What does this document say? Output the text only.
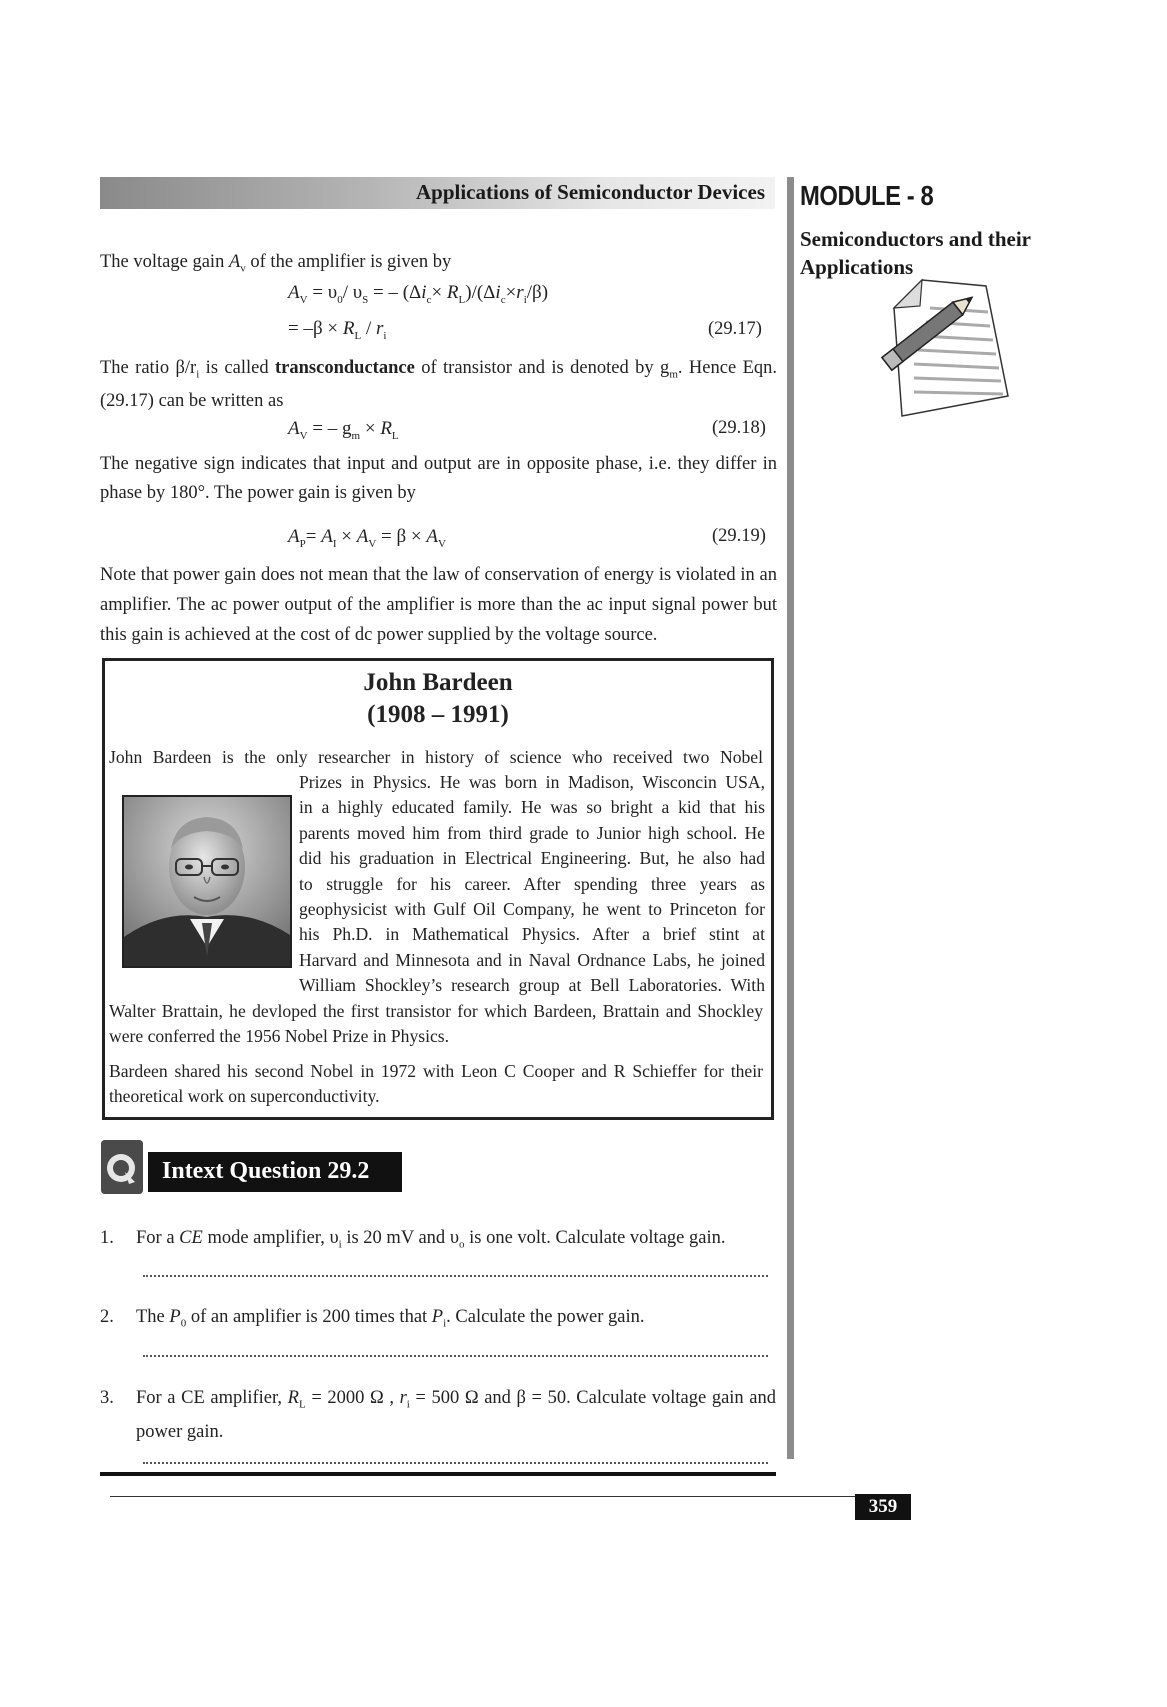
Applications of Semiconductor Devices MODULE - 8
Semiconductors and their
Applications
The voltage gain $A_v$ of the amplifier is given by
$A_V = \upsilon_0/$ $\upsilon_S$ = – $(\Delta i_c\times R_L)/(\Delta i_c\times r_i/\beta)$
= $-\beta \times R_L / r_i$	(29.17)
The ratio $\beta/r_i$ is called transconductance of transistor and is denoted by $g_m$. Hence Eqn. (29.17) can be written as
$A_V$ = – $g_m \times R_L$	(29.18)
The negative sign indicates that input and output are in opposite phase, i.e. they differ in phase by 180°. The power gain is given by
$A_P= A_I \times A_V = \beta \times A_V$	(29.19)
Note that power gain does not mean that the law of conservation of energy is violated in an amplifier. The ac power output of the amplifier is more than the ac input signal power but this gain is achieved at the cost of dc power supplied by the voltage source.
John Bardeen
(1908 – 1991)
John Bardeen is the only researcher in history of science who received two Nobel
Prizes in Physics. He was born in Madison, Wisconcin USA,
in a highly educated family. He was so bright a kid that his
parents moved him from third grade to Junior high school. He
did his graduation in Electrical Engineering. But, he also had
to struggle for his career. After spending three years as
geophysicist with Gulf Oil Company, he went to Princeton for
his Ph.D. in Mathematical Physics. After a brief stint at
Harvard and Minnesota and in Naval Ordnance Labs, he joined
William Shockley’s research group at Bell Laboratories. With
Walter Brattain, he devloped the first transistor for which Bardeen, Brattain and Shockley were conferred the 1956 Nobel Prize in Physics.
Bardeen shared his second Nobel in 1972 with Leon C Cooper and R Schieffer for their theoretical work on superconductivity.
Intext Question 29.2
1. For a CE mode amplifier, $\upsilon_i$ is 20 mV and $\upsilon_o$ is one volt. Calculate voltage gain.
2. The $P_0$ of an amplifier is 200 times that $P_i$. Calculate the power gain.
3. For a CE amplifier, $R_L = 2000$ Ω , $r_i = 500$ Ω and β = 50. Calculate voltage gain and power gain.
359
